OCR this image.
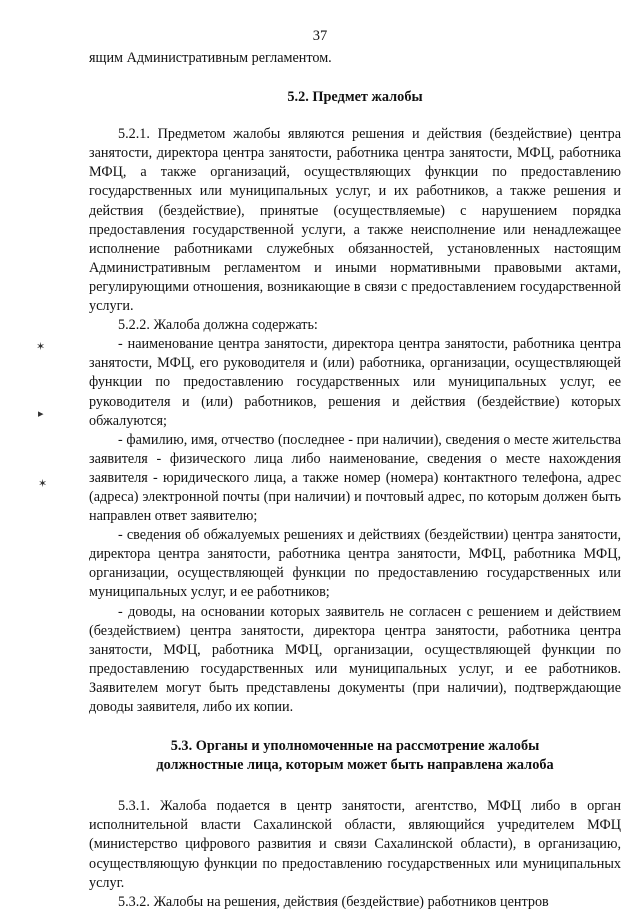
37
✶
▸
✶

ящим Административным регламентом.

5.2. Предмет жалобы

5.2.1. Предметом жалобы являются решения и действия (бездействие) центра занятости, директора центра занятости, работника центра занятости, МФЦ, работника МФЦ, а также организаций, осуществляющих функции по предоставлению государственных или муниципальных услуг, и их работников, а также решения и действия (бездействие), принятые (осуществляемые) с нарушением порядка предоставления государственной услуги, а также неисполнение или ненадлежащее исполнение работниками служебных обязанностей, установленных настоящим Административным регламентом и иными нормативными правовыми актами, регулирующими отношения, возникающие в связи с предоставлением государственной услуги.

5.2.2. Жалоба должна содержать:

- наименование центра занятости, директора центра занятости, работника центра занятости, МФЦ, его руководителя и (или) работника, организации, осуществляющей функции по предоставлению государственных или муниципальных услуг, ее руководителя и (или) работников, решения и действия (бездействие) которых обжалуются;

- фамилию, имя, отчество (последнее - при наличии), сведения о месте жительства заявителя - физического лица либо наименование, сведения о месте нахождения заявителя - юридического лица, а также номер (номера) контактного телефона, адрес (адреса) электронной почты (при наличии) и почтовый адрес, по которым должен быть направлен ответ заявителю;

- сведения об обжалуемых решениях и действиях (бездействии) центра занятости, директора центра занятости, работника центра занятости, МФЦ, работника МФЦ, организации, осуществляющей функции по предоставлению государственных или муниципальных услуг, и ее работников;

- доводы, на основании которых заявитель не согласен с решением и действием (бездействием) центра занятости, директора центра занятости, работника центра занятости, МФЦ, работника МФЦ, организации, осуществляющей функции по предоставлению государственных или муниципальных услуг, и ее работников. Заявителем могут быть представлены документы (при наличии), подтверждающие доводы заявителя, либо их копии.

5.3. Органы и уполномоченные на рассмотрение жалобы
должностные лица, которым может быть направлена жалоба

5.3.1. Жалоба подается в центр занятости, агентство, МФЦ либо в орган исполнительной власти Сахалинской области, являющийся учредителем МФЦ (министерство цифрового развития и связи Сахалинской области), в организацию, осуществляющую функции по предоставлению государственных или муниципальных услуг.

5.3.2. Жалобы на решения, действия (бездействие) работников центров
